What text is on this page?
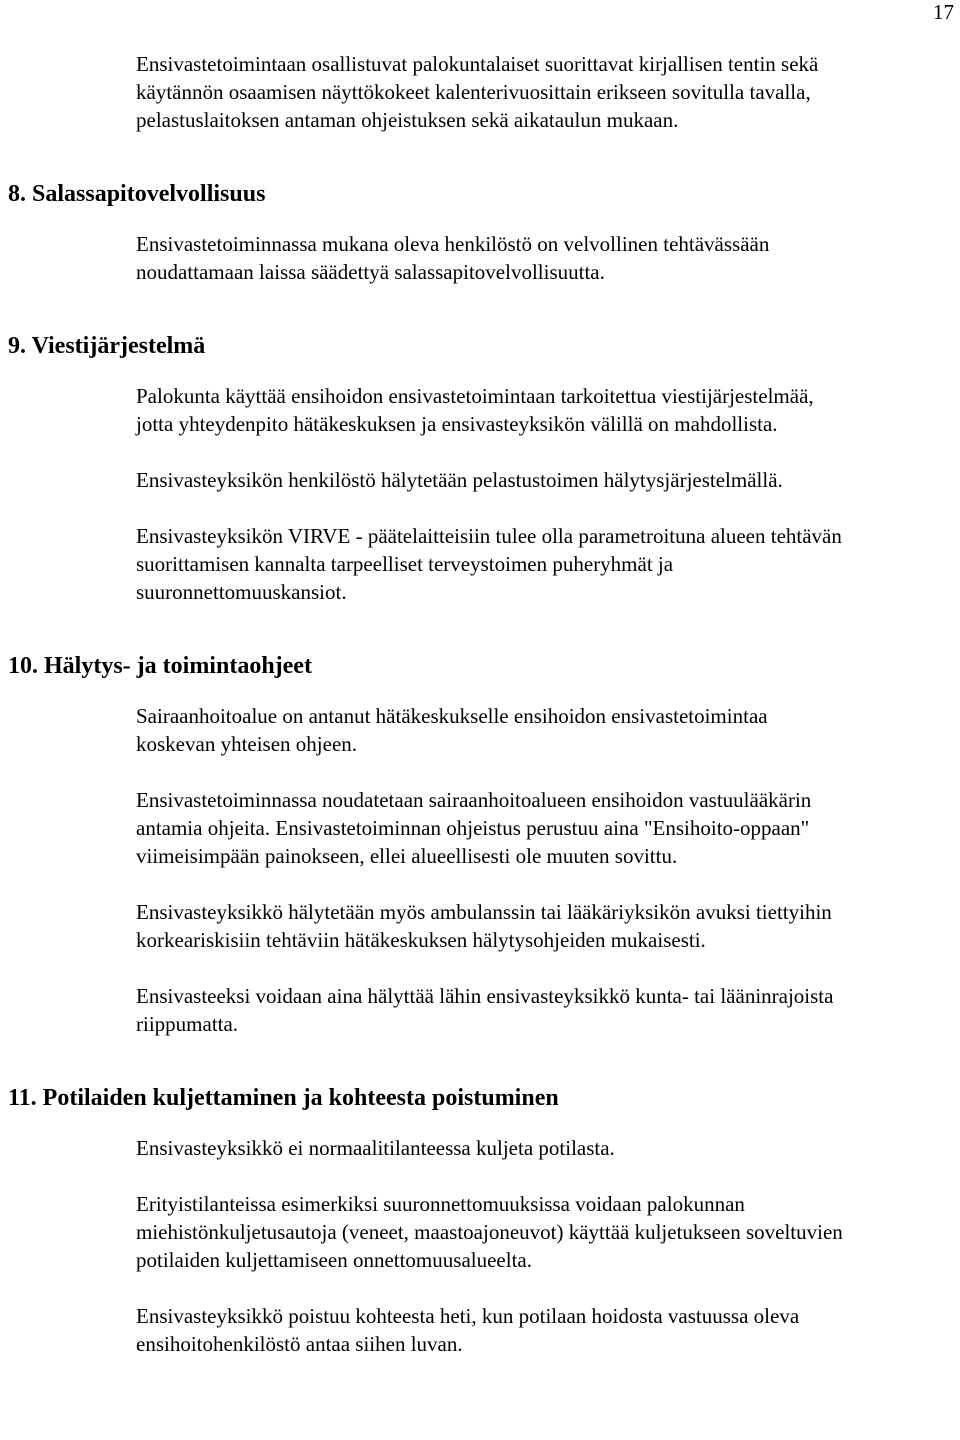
17

Ensivastetoimintaan osallistuvat palokuntalaiset suorittavat kirjallisen tentin sekä
käytännön osaamisen näyttökokeet kalenterivuosittain erikseen sovitulla tavalla,
pelastuslaitoksen antaman ohjeistuksen sekä aikataulun mukaan.

8. Salassapitovelvollisuus

Ensivastetoiminnassa mukana oleva henkilöstö on velvollinen tehtävässään
noudattamaan laissa säädettyä salassapitovelvollisuutta.

9. Viestijärjestelmä

Palokunta käyttää ensihoidon ensivastetoimintaan tarkoitettua viestijärjestelmää,
jotta yhteydenpito hätäkeskuksen ja ensivasteyksikön välillä on mahdollista.

Ensivasteyksikön henkilöstö hälytetään pelastustoimen hälytysjärjestelmällä.

Ensivasteyksikön VIRVE - päätelaitteisiin tulee olla parametroituna alueen tehtävän
suorittamisen kannalta tarpeelliset terveystoimen puheryhmät ja
suuronnettomuuskansiot.

10. Hälytys- ja toimintaohjeet

Sairaanhoitoalue on antanut hätäkeskukselle ensihoidon ensivastetoimintaa
koskevan yhteisen ohjeen.

Ensivastetoiminnassa noudatetaan sairaanhoitoalueen ensihoidon vastuulääkärin
antamia ohjeita. Ensivastetoiminnan ohjeistus perustuu aina "Ensihoito-oppaan"
viimeisimpään painokseen, ellei alueellisesti ole muuten sovittu.

Ensivasteyksikkö hälytetään myös ambulanssin tai lääkäriyksikön avuksi tiettyihin
korkeariskisiin tehtäviin hätäkeskuksen hälytysohjeiden mukaisesti.

Ensivasteeksi voidaan aina hälyttää lähin ensivasteyksikkö kunta- tai lääninrajoista
riippumatta.

11. Potilaiden kuljettaminen ja kohteesta poistuminen

Ensivasteyksikkö ei normaalitilanteessa kuljeta potilasta.

Erityistilanteissa esimerkiksi suuronnettomuuksissa voidaan palokunnan
miehistönkuljetusautoja (veneet, maastoajoneuvot) käyttää kuljetukseen soveltuvien
potilaiden kuljettamiseen onnettomuusalueelta.

Ensivasteyksikkö poistuu kohteesta heti, kun potilaan hoidosta vastuussa oleva
ensihoitohenkilöstö antaa siihen luvan.
